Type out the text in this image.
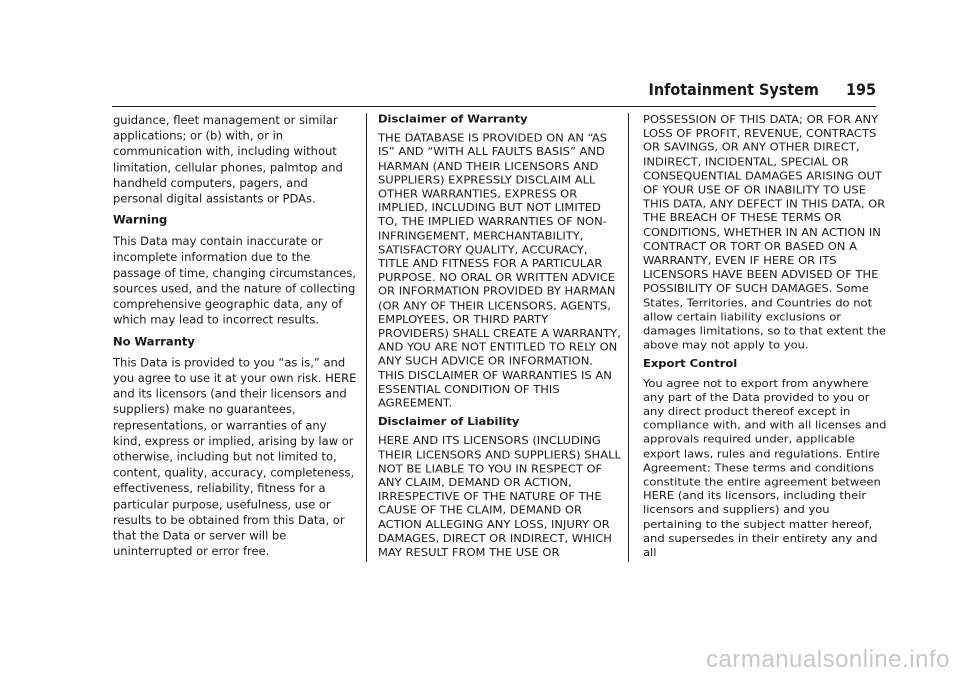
Infotainment System 195

guidance, fleet management or similar applications; or (b) with, or in communication with, including without limitation, cellular phones, palmtop and handheld computers, pagers, and personal digital assistants or PDAs.

Warning

This Data may contain inaccurate or incomplete information due to the passage of time, changing circumstances, sources used, and the nature of collecting comprehensive geographic data, any of which may lead to incorrect results.

No Warranty

This Data is provided to you “as is,” and you agree to use it at your own risk. HERE and its licensors (and their licensors and suppliers) make no guarantees, representations, or warranties of any kind, express or implied, arising by law or otherwise, including but not limited to, content, quality, accuracy, completeness, effectiveness, reliability, fitness for a particular purpose, usefulness, use or results to be obtained from this Data, or that the Data or server will be uninterrupted or error free.

Disclaimer of Warranty

THE DATABASE IS PROVIDED ON AN “AS IS” AND “WITH ALL FAULTS BASIS” AND HARMAN (AND THEIR LICENSORS AND SUPPLIERS) EXPRESSLY DISCLAIM ALL OTHER WARRANTIES, EXPRESS OR IMPLIED, INCLUDING BUT NOT LIMITED TO, THE IMPLIED WARRANTIES OF NON-INFRINGEMENT, MERCHANTABILITY, SATISFACTORY QUALITY, ACCURACY, TITLE AND FITNESS FOR A PARTICULAR PURPOSE. NO ORAL OR WRITTEN ADVICE OR INFORMATION PROVIDED BY HARMAN (OR ANY OF THEIR LICENSORS, AGENTS, EMPLOYEES, OR THIRD PARTY PROVIDERS) SHALL CREATE A WARRANTY, AND YOU ARE NOT ENTITLED TO RELY ON ANY SUCH ADVICE OR INFORMATION. THIS DISCLAIMER OF WARRANTIES IS AN ESSENTIAL CONDITION OF THIS AGREEMENT.

Disclaimer of Liability

HERE AND ITS LICENSORS (INCLUDING THEIR LICENSORS AND SUPPLIERS) SHALL NOT BE LIABLE TO YOU IN RESPECT OF ANY CLAIM, DEMAND OR ACTION, IRRESPECTIVE OF THE NATURE OF THE CAUSE OF THE CLAIM, DEMAND OR ACTION ALLEGING ANY LOSS, INJURY OR DAMAGES, DIRECT OR INDIRECT, WHICH MAY RESULT FROM THE USE OR

POSSESSION OF THIS DATA; OR FOR ANY LOSS OF PROFIT, REVENUE, CONTRACTS OR SAVINGS, OR ANY OTHER DIRECT, INDIRECT, INCIDENTAL, SPECIAL OR CONSEQUENTIAL DAMAGES ARISING OUT OF YOUR USE OF OR INABILITY TO USE THIS DATA, ANY DEFECT IN THIS DATA, OR THE BREACH OF THESE TERMS OR CONDITIONS, WHETHER IN AN ACTION IN CONTRACT OR TORT OR BASED ON A WARRANTY, EVEN IF HERE OR ITS LICENSORS HAVE BEEN ADVISED OF THE POSSIBILITY OF SUCH DAMAGES. Some States, Territories, and Countries do not allow certain liability exclusions or damages limitations, so to that extent the above may not apply to you.

Export Control

You agree not to export from anywhere any part of the Data provided to you or any direct product thereof except in compliance with, and with all licenses and approvals required under, applicable export laws, rules and regulations. Entire Agreement: These terms and conditions constitute the entire agreement between HERE (and its licensors, including their licensors and suppliers) and you pertaining to the subject matter hereof, and supersedes in their entirety any and all

carmanualsonline.info
